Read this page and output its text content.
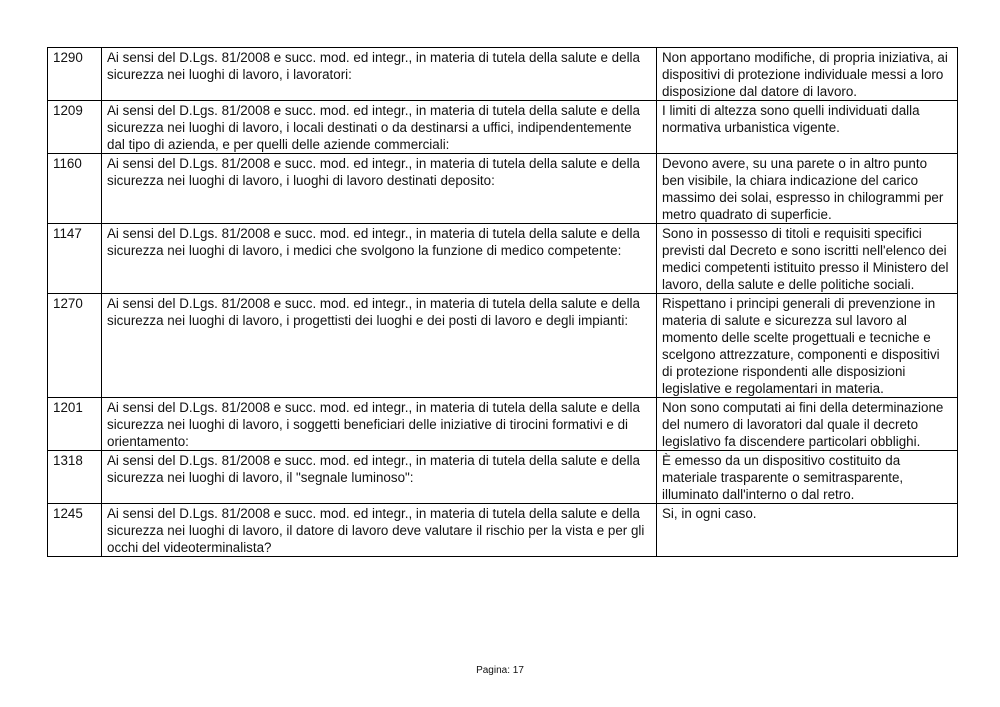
1290	Ai sensi del D.Lgs. 81/2008 e succ. mod. ed integr., in materia di tutela della salute e della sicurezza nei luoghi di lavoro, i lavoratori:	Non apportano modifiche, di propria iniziativa, ai dispositivi di protezione individuale messi a loro disposizione dal datore di lavoro.
1209	Ai sensi del D.Lgs. 81/2008 e succ. mod. ed integr., in materia di tutela della salute e della sicurezza nei luoghi di lavoro, i locali destinati o da destinarsi a uffici, indipendentemente dal tipo di azienda, e per quelli delle aziende commerciali:	I limiti di altezza sono quelli individuati dalla normativa urbanistica vigente.
1160	Ai sensi del D.Lgs. 81/2008 e succ. mod. ed integr., in materia di tutela della salute e della sicurezza nei luoghi di lavoro, i luoghi di lavoro destinati deposito:	Devono avere, su una parete o in altro punto ben visibile, la chiara indicazione del carico massimo dei solai, espresso in chilogrammi per metro quadrato di superficie.
1147	Ai sensi del D.Lgs. 81/2008 e succ. mod. ed integr., in materia di tutela della salute e della sicurezza nei luoghi di lavoro, i medici che svolgono la funzione di medico competente:	Sono in possesso di titoli e requisiti specifici previsti dal Decreto e sono iscritti nell'elenco dei medici competenti istituito presso il Ministero del lavoro, della salute e delle politiche sociali.
1270	Ai sensi del D.Lgs. 81/2008 e succ. mod. ed integr., in materia di tutela della salute e della sicurezza nei luoghi di lavoro, i progettisti dei luoghi e dei posti di lavoro e degli impianti:	Rispettano i principi generali di prevenzione in materia di salute e sicurezza sul lavoro al momento delle scelte progettuali e tecniche e scelgono attrezzature, componenti e dispositivi di protezione rispondenti alle disposizioni legislative e regolamentari in materia.
1201	Ai sensi del D.Lgs. 81/2008 e succ. mod. ed integr., in materia di tutela della salute e della sicurezza nei luoghi di lavoro, i soggetti beneficiari delle iniziative di tirocini formativi e di orientamento:	Non sono computati ai fini della determinazione del numero di lavoratori dal quale il decreto legislativo fa discendere particolari obblighi.
1318	Ai sensi del D.Lgs. 81/2008 e succ. mod. ed integr., in materia di tutela della salute e della sicurezza nei luoghi di lavoro, il "segnale luminoso":	È emesso da un dispositivo costituito da materiale trasparente o semitrasparente, illuminato dall'interno o dal retro.
1245	Ai sensi del D.Lgs. 81/2008 e succ. mod. ed integr., in materia di tutela della salute e della sicurezza nei luoghi di lavoro, il datore di lavoro deve valutare il rischio per la vista e per gli occhi del videoterminalista?	Si, in ogni caso.
Pagina: 17
